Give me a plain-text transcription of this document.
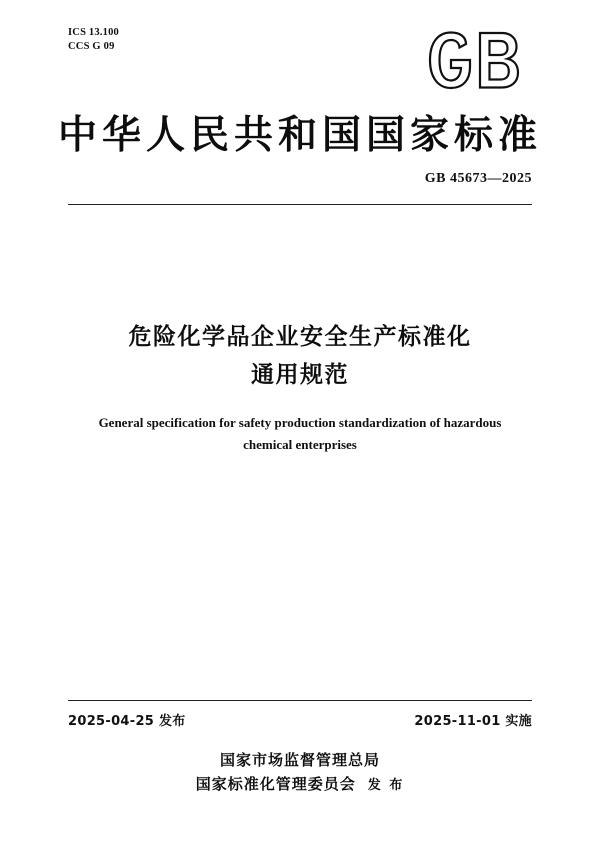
ICS 13.100
CCS G 09
中华人民共和国国家标准
GB 45673—2025
危险化学品企业安全生产标准化
通用规范
General specification for safety production standardization of hazardous
chemical enterprises
2025-04-25 发布	2025-11-01 实施
国家市场监督管理总局
国家标准化管理委员会 发 布
